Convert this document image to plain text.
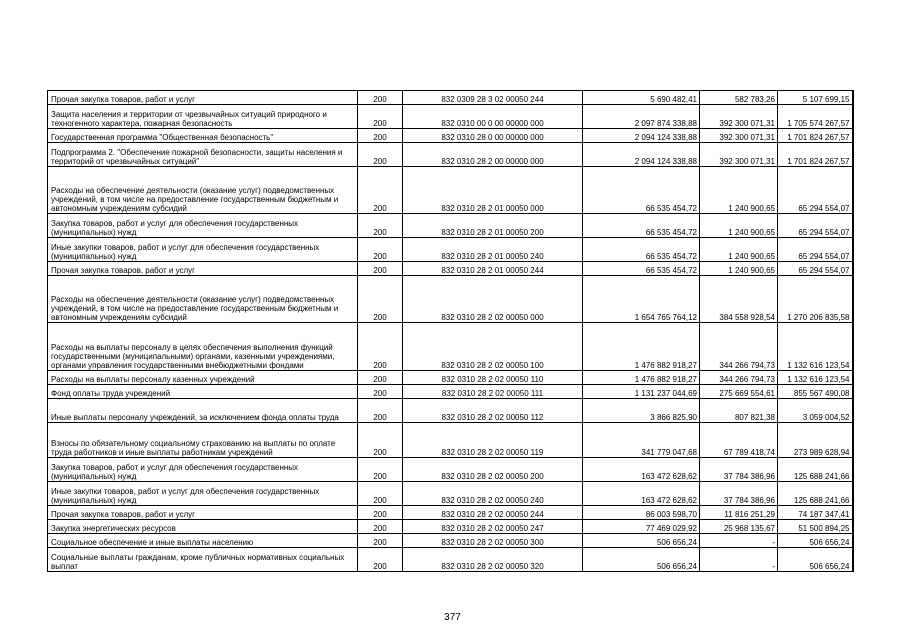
Прочая закупка товаров, работ и услуг	200	832 0309 28 3 02 00050 244	5 690 482,41	582 783,26	5 107 699,15
Защита населения и территории от чрезвычайных ситуаций природного и техногенного характера, пожарная безопасность	200	832 0310 00 0 00 00000 000	2 097 874 338,88	392 300 071,31	1 705 574 267,57
Государственная программа "Общественная безопасность"	200	832 0310 28 0 00 00000 000	2 094 124 338,88	392 300 071,31	1 701 824 267,57
Подпрограмма 2. "Обеспечение пожарной безопасности, защиты населения и территорий от чрезвычайных ситуаций"	200	832 0310 28 2 00 00000 000	2 094 124 338,88	392 300 071,31	1 701 824 267,57
Расходы на обеспечение деятельности (оказание услуг) подведомственных учреждений, в том числе на предоставление государственным бюджетным и автономным учреждениям субсидий	200	832 0310 28 2 01 00050 000	66 535 454,72	1 240 900,65	65 294 554,07
Закупка товаров, работ и услуг для обеспечения государственных (муниципальных) нужд	200	832 0310 28 2 01 00050 200	66 535 454,72	1 240 900,65	65 294 554,07
Иные закупки товаров, работ и услуг для обеспечения государственных (муниципальных) нужд	200	832 0310 28 2 01 00050 240	66 535 454,72	1 240 900,65	65 294 554,07
Прочая закупка товаров, работ и услуг	200	832 0310 28 2 01 00050 244	66 535 454,72	1 240 900,65	65 294 554,07
Расходы на обеспечение деятельности (оказание услуг) подведомственных учреждений, в том числе на предоставление государственным бюджетным и автономным учреждениям субсидий	200	832 0310 28 2 02 00050 000	1 654 765 764,12	384 558 928,54	1 270 206 835,58
Расходы на выплаты персоналу в целях обеспечения выполнения функций государственными (муниципальными) органами, казенными учреждениями, органами управления государственными внебюджетными фондами	200	832 0310 28 2 02 00050 100	1 476 882 918,27	344 266 794,73	1 132 616 123,54
Расходы на выплаты персоналу казенных учреждений	200	832 0310 28 2 02 00050 110	1 476 882 918,27	344 266 794,73	1 132 616 123,54
Фонд оплаты труда учреждений	200	832 0310 28 2 02 00050 111	1 131 237 044,69	275 669 554,61	855 567 490,08
Иные выплаты персоналу учреждений, за исключением фонда оплаты труда	200	832 0310 28 2 02 00050 112	3 866 825,90	807 821,38	3 059 004,52
Взносы по обязательному социальному страхованию на выплаты по оплате труда работников и иные выплаты работникам учреждений	200	832 0310 28 2 02 00050 119	341 779 047,68	67 789 418,74	273 989 628,94
Закупка товаров, работ и услуг для обеспечения государственных (муниципальных) нужд	200	832 0310 28 2 02 00050 200	163 472 628,62	37 784 386,96	125 688 241,66
Иные закупки товаров, работ и услуг для обеспечения государственных (муниципальных) нужд	200	832 0310 28 2 02 00050 240	163 472 628,62	37 784 386,96	125 688 241,66
Прочая закупка товаров, работ и услуг	200	832 0310 28 2 02 00050 244	86 003 598,70	11 816 251,29	74 187 347,41
Закупка энергетических ресурсов	200	832 0310 28 2 02 00050 247	77 469 029,92	25 968 135,67	51 500 894,25
Социальное обеспечение и иные выплаты населению	200	832 0310 28 2 02 00050 300	506 656,24	-	506 656,24
Социальные выплаты гражданам, кроме публичных нормативных социальных выплат	200	832 0310 28 2 02 00050 320	506 656,24	-	506 656,24
377
